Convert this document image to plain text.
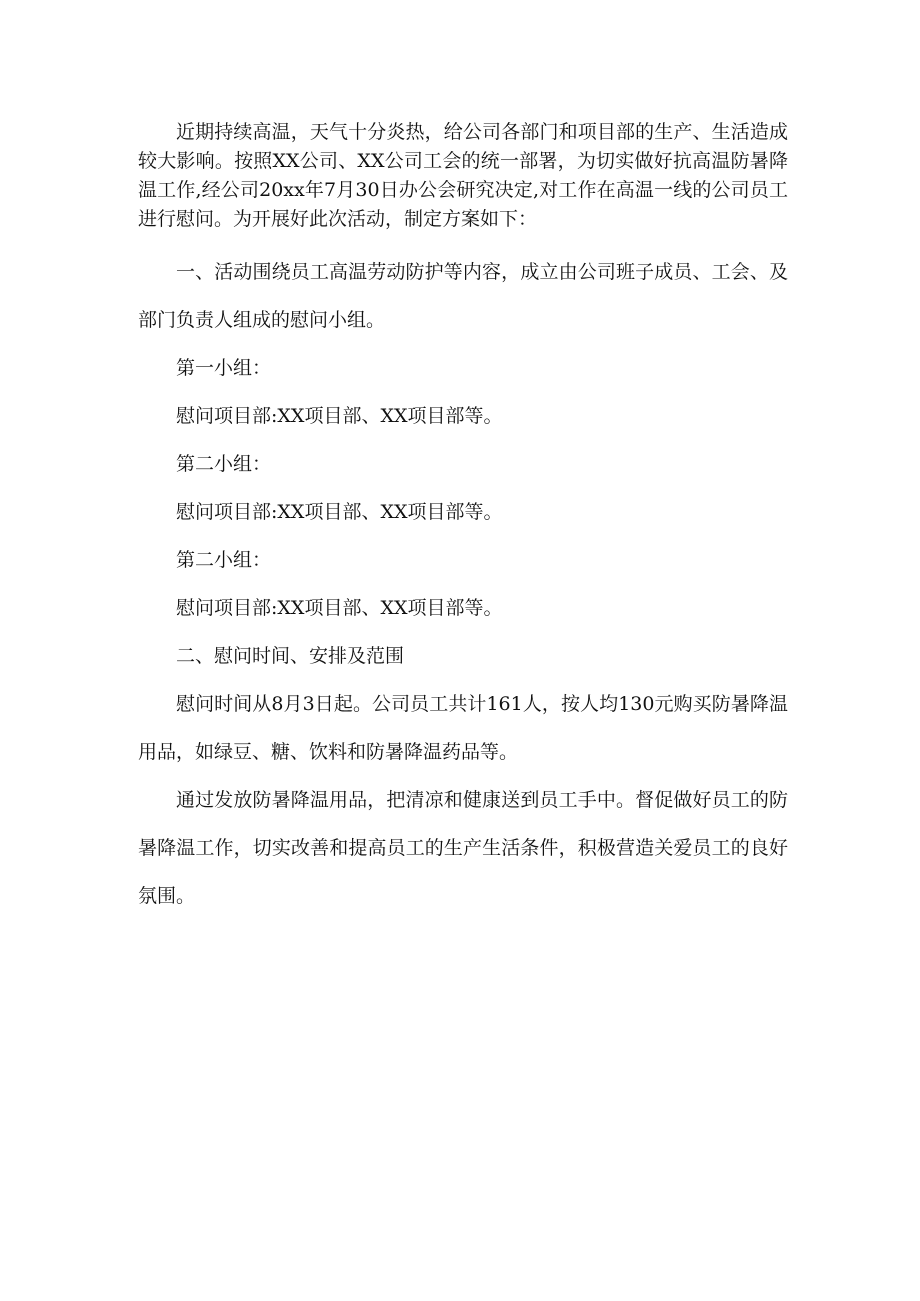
近期持续高温，天气十分炎热，给公司各部门和项目部的生产、生活造成较大影响。按照XX公司、XX公司工会的统一部署，为切实做好抗高温防暑降温工作,经公司20xx年7月30日办公会研究决定,对工作在高温一线的公司员工进行慰问。为开展好此次活动，制定方案如下：

一、活动围绕员工高温劳动防护等内容，成立由公司班子成员、工会、及部门负责人组成的慰问小组。

第一小组：

慰问项目部:XX项目部、XX项目部等。

第二小组：

慰问项目部:XX项目部、XX项目部等。

第二小组：

慰问项目部:XX项目部、XX项目部等。

二、慰问时间、安排及范围

慰问时间从8月3日起。公司员工共计161人，按人均130元购买防暑降温用品，如绿豆、糖、饮料和防暑降温药品等。

通过发放防暑降温用品，把清凉和健康送到员工手中。督促做好员工的防暑降温工作，切实改善和提高员工的生产生活条件，积极营造关爱员工的良好氛围。
